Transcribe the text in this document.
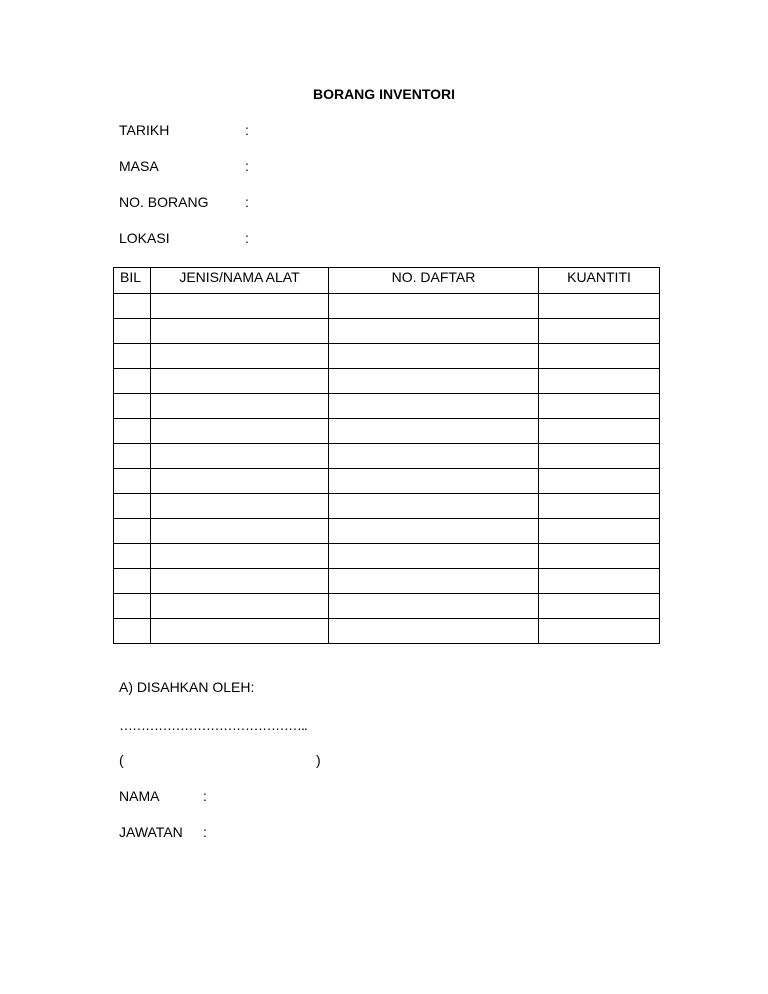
BORANG INVENTORI
TARIKH	:
MASA	:
NO. BORANG	:
LOKASI	:
BIL	JENIS/NAMA ALAT	NO. DAFTAR	KUANTITI

A) DISAHKAN OLEH:
……………………………………..
(	)
NAMA	:
JAWATAN :
